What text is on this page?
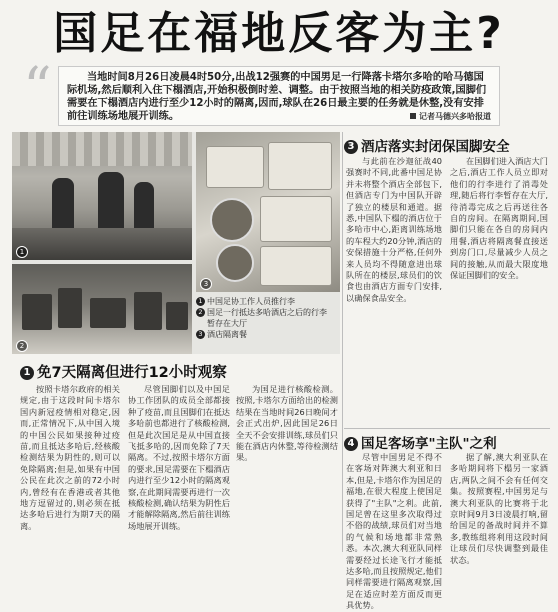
国足在福地反客为主?
“	当地时间8月26日凌晨4时50分,出战12强赛的中国男足一行降落卡塔尔多哈的哈马德国际机场,然后顺利入住下榻酒店,开始积极倒时差、调整。由于按照当地的相关防疫政策,国脚们需要在下榻酒店内进行至少12小时的隔离,因而,球队在26日最主要的任务就是休整,没有安排前往训练场地展开训练。	记者马德兴多哈报道
1
2
3
1 中国足协工作人员推行李
2 国足一行抵达多哈酒店之后的行李
暂存在大厅
3 酒店隔离餐
1 免7天隔离但进行12小时观察

按照卡塔尔政府的相关规定,由于这段时间卡塔尔国内新冠疫情相对稳定,因而,正常情况下,从中国入境的中国公民如果接种过疫苗,而且抵达多哈后,经核酸检测结果为阴性的,则可以免除隔离;但是,如果有中国公民在此次之前的72小时内,曾经有在香港或者其他地方逗留过的,则必须在抵达多哈后进行为期7天的隔离。

尽管国脚们以及中国足协工作团队的成员全部都接种了疫苗,而且国脚们在抵达多哈前也都进行了核酸检测,但是此次国足是从中国直接飞抵多哈的,因而免除了7天隔离。不过,按照卡塔尔方面的要求,国足需要在下榻酒店内进行至少12小时的隔离观察,在此期间需要再进行一次核酸检测,确认结果为阴性后才能解除隔离,然后前往训练场地展开训练。

为国足进行核酸检测。按照,卡塔尔方面给出的检测结果在当地时间26日晚间才会正式出炉,因此国足26日全天不会安排训练,球员们只能在酒店内休整,等待检测结果。

3 酒店落实封闭保国脚安全

与此前在沙迦征战40强赛时不同,此番中国足协并未将整个酒店全部包下,但酒店专门为中国队开辟了独立的楼层和通道。据悉,中国队下榻的酒店位于多哈市中心,距离训练场地的车程大约20分钟,酒店的安保措施十分严格,任何外来人员均不得随意进出球队所在的楼层,球员们的饮食也由酒店方面专门安排,以确保食品安全。

在国脚们进入酒店大门之后,酒店工作人员立即对他们的行李进行了消毒处理,随后将行李暂存在大厅,待消毒完成之后再送往各自的房间。在隔离期间,国脚们只能在各自的房间内用餐,酒店将隔离餐直接送到房门口,尽量减少人员之间的接触,从而最大限度地保证国脚们的安全。

4 国足客场享"主队"之利

尽管中国男足不得不在客场对阵澳大利亚和日本,但是,卡塔尔作为国足的福地,在很大程度上使国足获得了"主队"之利。此前,国足曾在这里多次取得过不俗的战绩,球员们对当地的气候和场地都非常熟悉。本次,澳大利亚队同样需要经过长途飞行才能抵达多哈,而且按照规定,他们同样需要进行隔离观察,国足在适应时差方面反而更具优势。

据了解,澳大利亚队在多哈期间将下榻另一家酒店,两队之间不会有任何交集。按照赛程,中国男足与澳大利亚队的比赛将于北京时间9月3日凌晨打响,留给国足的备战时间并不算多,教练组将利用这段时间让球员们尽快调整到最佳状态。
